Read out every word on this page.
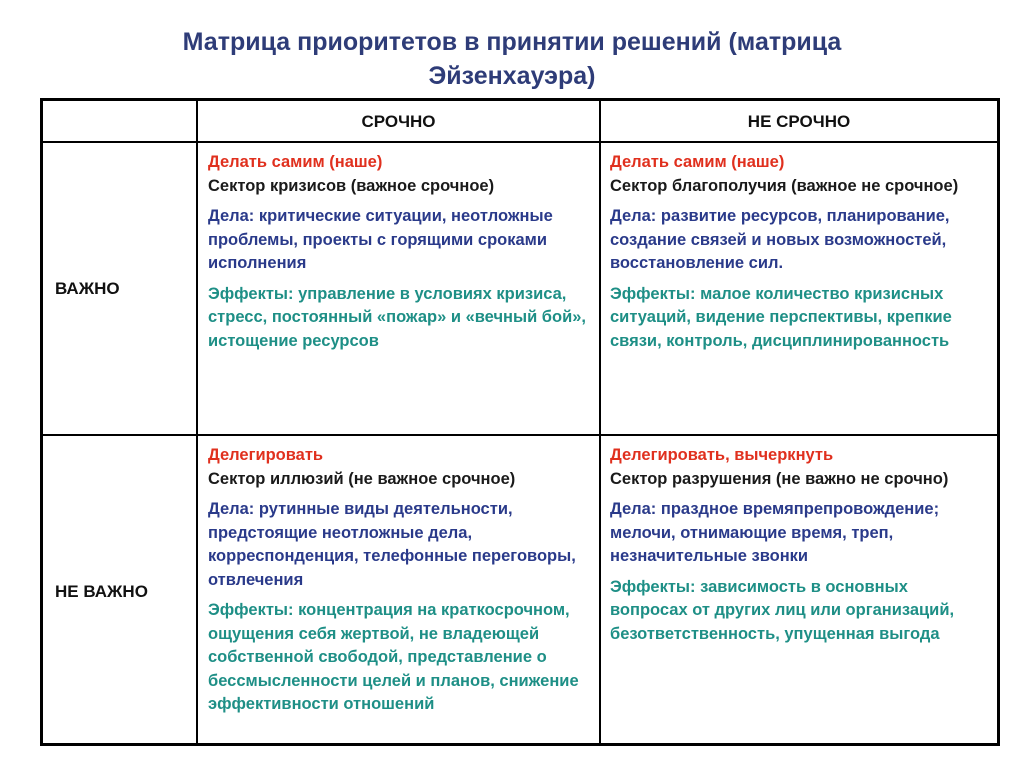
Матрица приоритетов в принятии решений (матрица
Эйзенхауэра)
СРОЧНО	НЕ СРОЧНО
ВАЖНО
НЕ ВАЖНО

Делать самим (наше)
Сектор кризисов (важное срочное)

Дела: критические ситуации, неотложные проблемы, проекты с горящими сроками исполнения

Эффекты: управление в условиях кризиса, стресс, постоянный «пожар» и «вечный бой», истощение ресурсов

Делать самим (наше)
Сектор благополучия (важное не срочное)

Дела: развитие ресурсов, планирование, создание связей и новых возможностей, восстановление сил.

Эффекты: малое количество кризисных ситуаций, видение перспективы, крепкие связи, контроль, дисциплинированность

Делегировать
Сектор иллюзий (не важное срочное)

Дела: рутинные виды деятельности, предстоящие неотложные дела, корреспонденция, телефонные переговоры, отвлечения

Эффекты: концентрация на краткосрочном, ощущения себя жертвой, не владеющей собственной свободой, представление о бессмысленности целей и планов, снижение эффективности отношений

Делегировать, вычеркнуть
Сектор разрушения (не важно не срочно)

Дела: праздное времяпрепровождение; мелочи, отнимающие время, треп, незначительные звонки

Эффекты: зависимость в основных вопросах от других лиц или организаций, безответственность, упущенная выгода
